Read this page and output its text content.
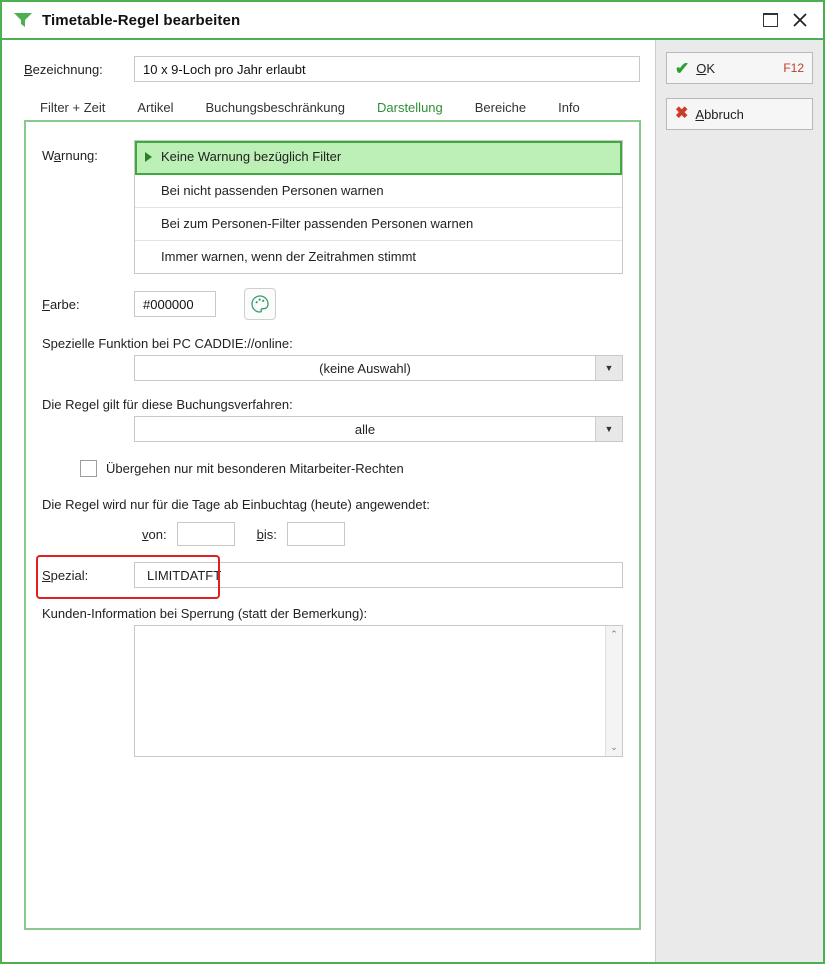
Timetable-Regel bearbeiten
Bezeichnung:	10 x 9-Loch pro Jahr erlaubt
Filter + Zeit	Artikel	Buchungsbeschränkung	Darstellung	Bereiche	Info
Warnung:	Keine Warnung bezüglich Filter
Bei nicht passenden Personen warnen
Bei zum Personen-Filter passenden Personen warnen
Immer warnen, wenn der Zeitrahmen stimmt
Farbe:	#000000
Spezielle Funktion bei PC CADDIE://online:
(keine Auswahl)	▼
Die Regel gilt für diese Buchungsverfahren:
alle	▼
Übergehen nur mit besonderen Mitarbeiter-Rechten
Die Regel wird nur für die Tage ab Einbuchtag (heute) angewendet:
von:	bis:
Spezial:	LIMITDATFT
Kunden-Information bei Sperrung (statt der Bemerkung):
⌃
⌄
✔ OK	F12
✖ Abbruch
